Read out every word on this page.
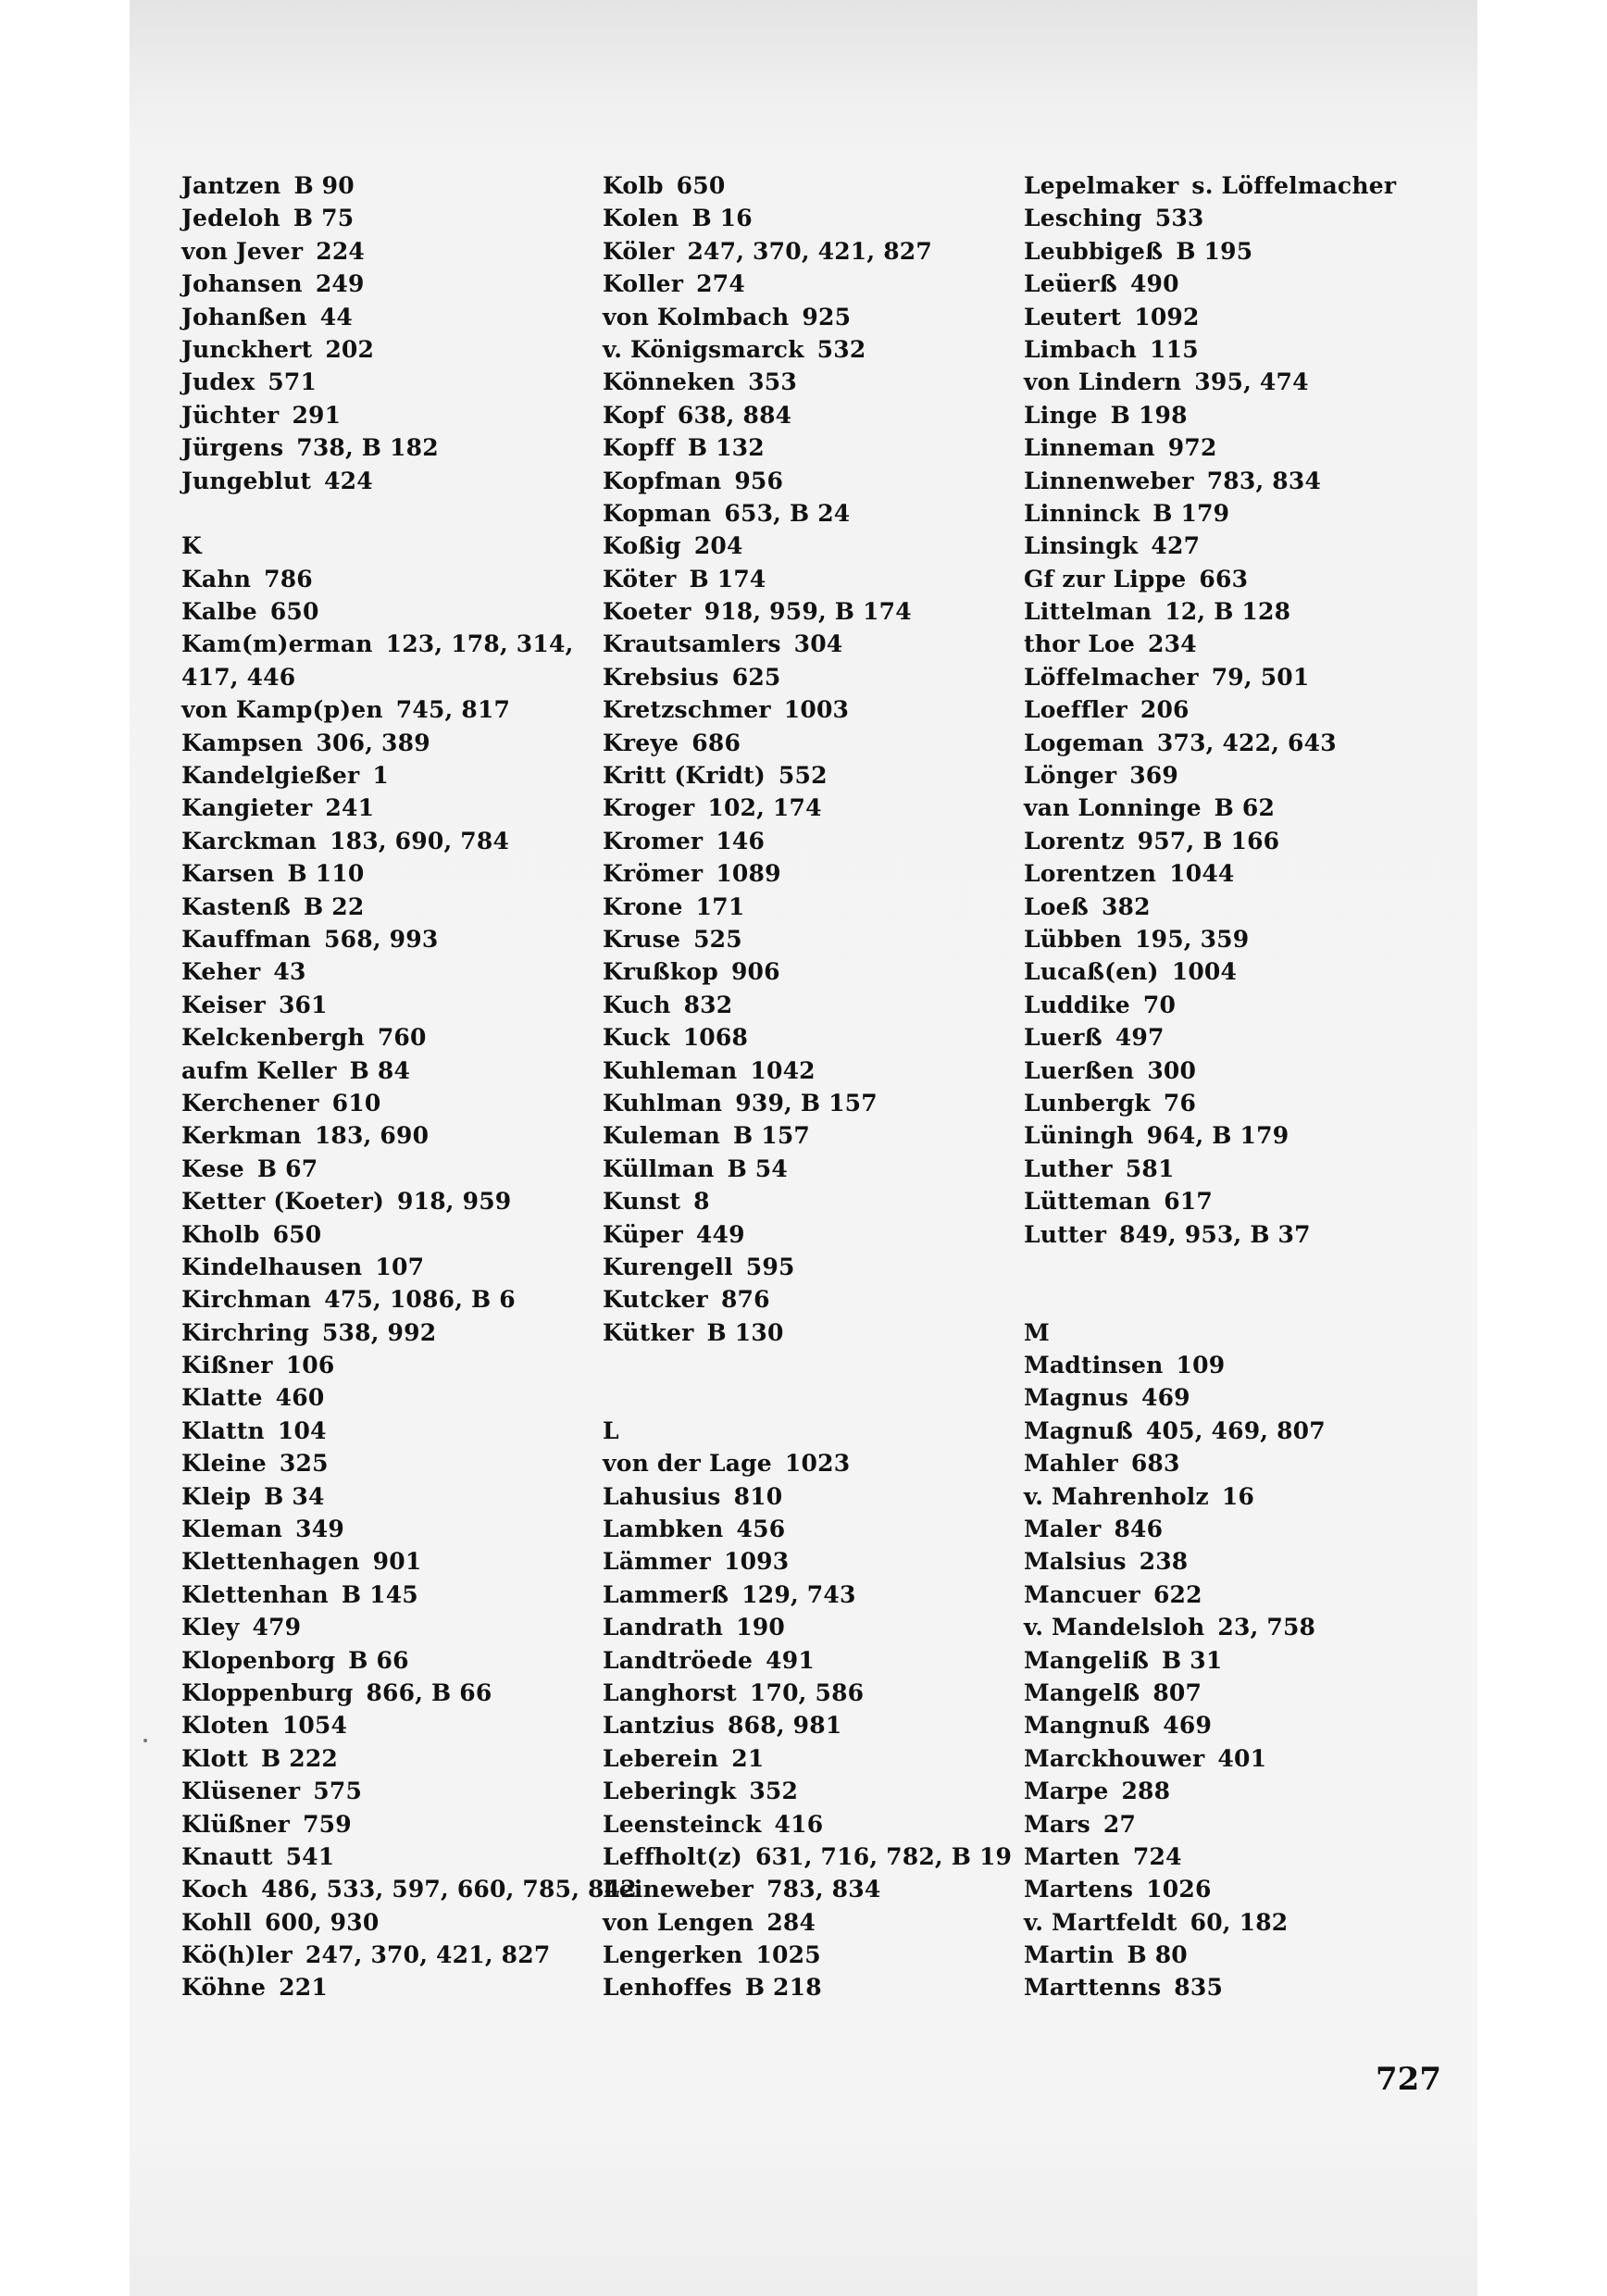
Jantzen B 90
Jedeloh B 75
von Jever 224
Johansen 249
Johanßen 44
Junckhert 202
Judex 571
Jüchter 291
Jürgens 738, B 182
Jungeblut 424
K
Kahn 786
Kalbe 650
Kam(m)erman 123, 178, 314,
417, 446
von Kamp(p)en 745, 817
Kampsen 306, 389
Kandelgießer 1
Kangieter 241
Karckman 183, 690, 784
Karsen B 110
Kastenß B 22
Kauffman 568, 993
Keher 43
Keiser 361
Kelckenbergh 760
aufm Keller B 84
Kerchener 610
Kerkman 183, 690
Kese B 67
Ketter (Koeter) 918, 959
Kholb 650
Kindelhausen 107
Kirchman 475, 1086, B 6
Kirchring 538, 992
Kißner 106
Klatte 460
Klattn 104
Kleine 325
Kleip B 34
Kleman 349
Klettenhagen 901
Klettenhan B 145
Kley 479
Klopenborg B 66
Kloppenburg 866, B 66
Kloten 1054
Klott B 222
Klüsener 575
Klüßner 759
Knautt 541
Koch 486, 533, 597, 660, 785, 842
Kohll 600, 930
Kö(h)ler 247, 370, 421, 827
Köhne 221
Kolb 650
Kolen B 16
Köler 247, 370, 421, 827
Koller 274
von Kolmbach 925
v. Königsmarck 532
Könneken 353
Kopf 638, 884
Kopff B 132
Kopfman 956
Kopman 653, B 24
Koßig 204
Köter B 174
Koeter 918, 959, B 174
Krautsamlers 304
Krebsius 625
Kretzschmer 1003
Kreye 686
Kritt (Kridt) 552
Kroger 102, 174
Kromer 146
Krömer 1089
Krone 171
Kruse 525
Krußkop 906
Kuch 832
Kuck 1068
Kuhleman 1042
Kuhlman 939, B 157
Kuleman B 157
Küllman B 54
Kunst 8
Küper 449
Kurengell 595
Kutcker 876
Kütker B 130
L
von der Lage 1023
Lahusius 810
Lambken 456
Lämmer 1093
Lammerß 129, 743
Landrath 190
Landtröede 491
Langhorst 170, 586
Lantzius 868, 981
Leberein 21
Leberingk 352
Leensteinck 416
Leffholt(z) 631, 716, 782, B 19
Leineweber 783, 834
von Lengen 284
Lengerken 1025
Lenhoffes B 218
Lepelmaker s. Löffelmacher
Lesching 533
Leubbigeß B 195
Leüerß 490
Leutert 1092
Limbach 115
von Lindern 395, 474
Linge B 198
Linneman 972
Linnenweber 783, 834
Linninck B 179
Linsingk 427
Gf zur Lippe 663
Littelman 12, B 128
thor Loe 234
Löffelmacher 79, 501
Loeffler 206
Logeman 373, 422, 643
Lönger 369
van Lonninge B 62
Lorentz 957, B 166
Lorentzen 1044
Loeß 382
Lübben 195, 359
Lucaß(en) 1004
Luddike 70
Luerß 497
Luerßen 300
Lunbergk 76
Lüningh 964, B 179
Luther 581
Lütteman 617
Lutter 849, 953, B 37
M
Madtinsen 109
Magnus 469
Magnuß 405, 469, 807
Mahler 683
v. Mahrenholz 16
Maler 846
Malsius 238
Mancuer 622
v. Mandelsloh 23, 758
Mangeliß B 31
Mangelß 807
Mangnuß 469
Marckhouwer 401
Marpe 288
Mars 27
Marten 724
Martens 1026
v. Martfeldt 60, 182
Martin B 80
Marttenns 835
727
